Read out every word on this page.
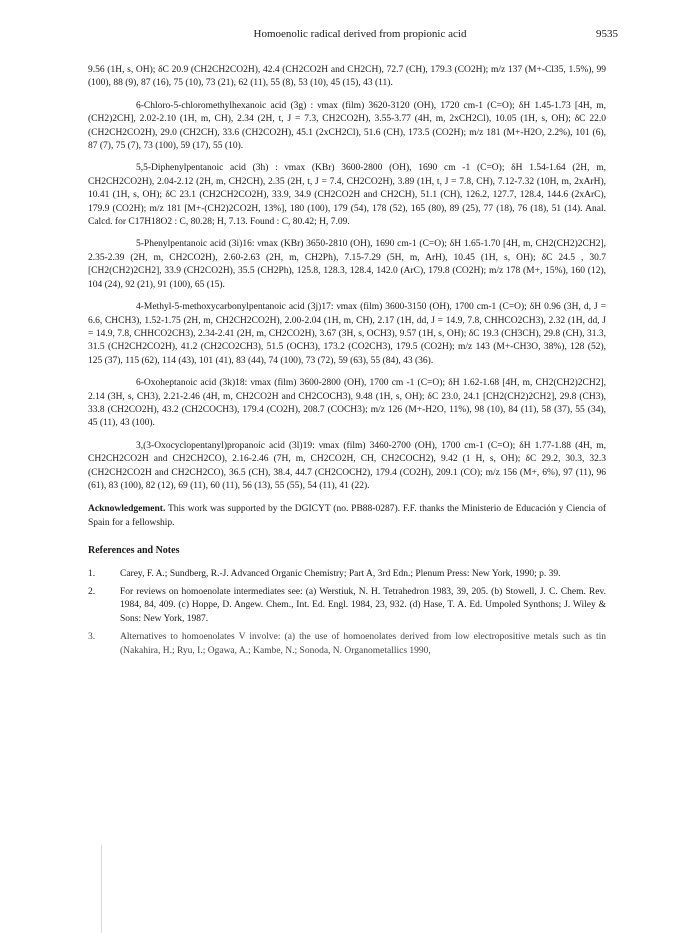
Homoenolic radical derived from propionic acid	9535

9.56 (1H, s, OH); δC 20.9 (CH2CH2CO2H), 42.4 (CH2CO2H and CH2CH), 72.7 (CH), 179.3 (CO2H); m/z 137 (M+-Cl35, 1.5%), 99 (100), 88 (9), 87 (16), 75 (10), 73 (21), 62 (11), 55 (8), 53 (10), 45 (15), 43 (11).

6-Chloro-5-chloromethylhexanoic acid (3g) : νmax (film) 3620-3120 (OH), 1720 cm-1 (C=O); δH 1.45-1.73 [4H, m, (CH2)2CH], 2.02-2.10 (1H, m, CH), 2.34 (2H, t, J = 7.3, CH2CO2H), 3.55-3.77 (4H, m, 2xCH2Cl), 10.05 (1H, s, OH); δC 22.0 (CH2CH2CO2H), 29.0 (CH2CH), 33.6 (CH2CO2H), 45.1 (2xCH2Cl), 51.6 (CH), 173.5 (CO2H); m/z 181 (M+-H2O, 2.2%), 101 (6), 87 (7), 75 (7), 73 (100), 59 (17), 55 (10).

5,5-Diphenylpentanoic acid (3h) : νmax (KBr) 3600-2800 (OH), 1690 cm -1 (C=O); δH 1.54-1.64 (2H, m, CH2CH2CO2H), 2.04-2.12 (2H, m, CH2CH), 2.35 (2H, t, J = 7.4, CH2CO2H), 3.89 (1H, t, J = 7.8, CH), 7.12-7.32 (10H, m, 2xArH), 10.41 (1H, s, OH); δC 23.1 (CH2CH2CO2H), 33.9, 34.9 (CH2CO2H and CH2CH), 51.1 (CH), 126.2, 127.7, 128.4, 144.6 (2xArC), 179.9 (CO2H); m/z 181 [M+-(CH2)2CO2H, 13%], 180 (100), 179 (54), 178 (52), 165 (80), 89 (25), 77 (18), 76 (18), 51 (14). Anal. Calcd. for C17H18O2 : C, 80.28; H, 7.13. Found : C, 80.42; H, 7.09.

5-Phenylpentanoic acid (3i)16: νmax (KBr) 3650-2810 (OH), 1690 cm-1 (C=O); δH 1.65-1.70 [4H, m, CH2(CH2)2CH2], 2.35-2.39 (2H, m, CH2CO2H), 2.60-2.63 (2H, m, CH2Ph), 7.15-7.29 (5H, m, ArH), 10.45 (1H, s, OH); δC 24.5 , 30.7 [CH2(CH2)2CH2], 33.9 (CH2CO2H), 35.5 (CH2Ph), 125.8, 128.3, 128.4, 142.0 (ArC), 179.8 (CO2H); m/z 178 (M+, 15%), 160 (12), 104 (24), 92 (21), 91 (100), 65 (15).

4-Methyl-5-methoxycarbonylpentanoic acid (3j)17: νmax (film) 3600-3150 (OH), 1700 cm-1 (C=O); δH 0.96 (3H, d, J = 6.6, CHCH3), 1.52-1.75 (2H, m, CH2CH2CO2H), 2.00-2.04 (1H, m, CH), 2.17 (1H, dd, J = 14.9, 7.8, CHHCO2CH3), 2.32 (1H, dd, J = 14.9, 7.8, CHHCO2CH3), 2.34-2.41 (2H, m, CH2CO2H), 3.67 (3H, s, OCH3), 9.57 (1H, s, OH); δC 19.3 (CH3CH), 29.8 (CH), 31.3, 31.5 (CH2CH2CO2H), 41.2 (CH2CO2CH3), 51.5 (OCH3), 173.2 (CO2CH3), 179.5 (CO2H); m/z 143 (M+-CH3O, 38%), 128 (52), 125 (37), 115 (62), 114 (43), 101 (41), 83 (44), 74 (100), 73 (72), 59 (63), 55 (84), 43 (36).

6-Oxoheptanoic acid (3k)18: νmax (film) 3600-2800 (OH), 1700 cm -1 (C=O); δH 1.62-1.68 [4H, m, CH2(CH2)2CH2], 2.14 (3H, s, CH3), 2.21-2.46 (4H, m, CH2CO2H and CH2COCH3), 9.48 (1H, s, OH); δC 23.0, 24.1 [CH2(CH2)2CH2], 29.8 (CH3), 33.8 (CH2CO2H), 43.2 (CH2COCH3), 179.4 (CO2H), 208.7 (COCH3); m/z 126 (M+-H2O, 11%), 98 (10), 84 (11), 58 (37), 55 (34), 45 (11), 43 (100).

3,(3-Oxocyclopentanyl)propanoic acid (3l)19: νmax (film) 3460-2700 (OH), 1700 cm-1 (C=O); δH 1.77-1.88 (4H, m, CH2CH2CO2H and CH2CH2CO), 2.16-2.46 (7H, m, CH2CO2H, CH, CH2COCH2), 9.42 (1 H, s, OH); δC 29.2, 30.3, 32.3 (CH2CH2CO2H and CH2CH2CO), 36.5 (CH), 38.4, 44.7 (CH2COCH2), 179.4 (CO2H), 209.1 (CO); m/z 156 (M+, 6%), 97 (11), 96 (61), 83 (100), 82 (12), 69 (11), 60 (11), 56 (13), 55 (55), 54 (11), 41 (22).

Acknowledgement. This work was supported by the DGICYT (no. PB88-0287). F.F. thanks the Ministerio de Educación y Ciencia of Spain for a fellowship.

References and Notes
1.	Carey, F. A.; Sundberg, R.-J. Advanced Organic Chemistry; Part A, 3rd Edn.; Plenum Press: New York, 1990; p. 39.
2.	For reviews on homoenolate intermediates see: (a) Werstiuk, N. H. Tetrahedron 1983, 39, 205. (b) Stowell, J. C. Chem. Rev. 1984, 84, 409. (c) Hoppe, D. Angew. Chem., Int. Ed. Engl. 1984, 23, 932. (d) Hase, T. A. Ed. Umpoled Synthons; J. Wiley & Sons: New York, 1987.
3.	Alternatives to homoenolates V involve: (a) the use of homoenolates derived from low electropositive metals such as tin (Nakahira, H.; Ryu, I.; Ogawa, A.; Kambe, N.; Sonoda, N. Organometallics 1990,
